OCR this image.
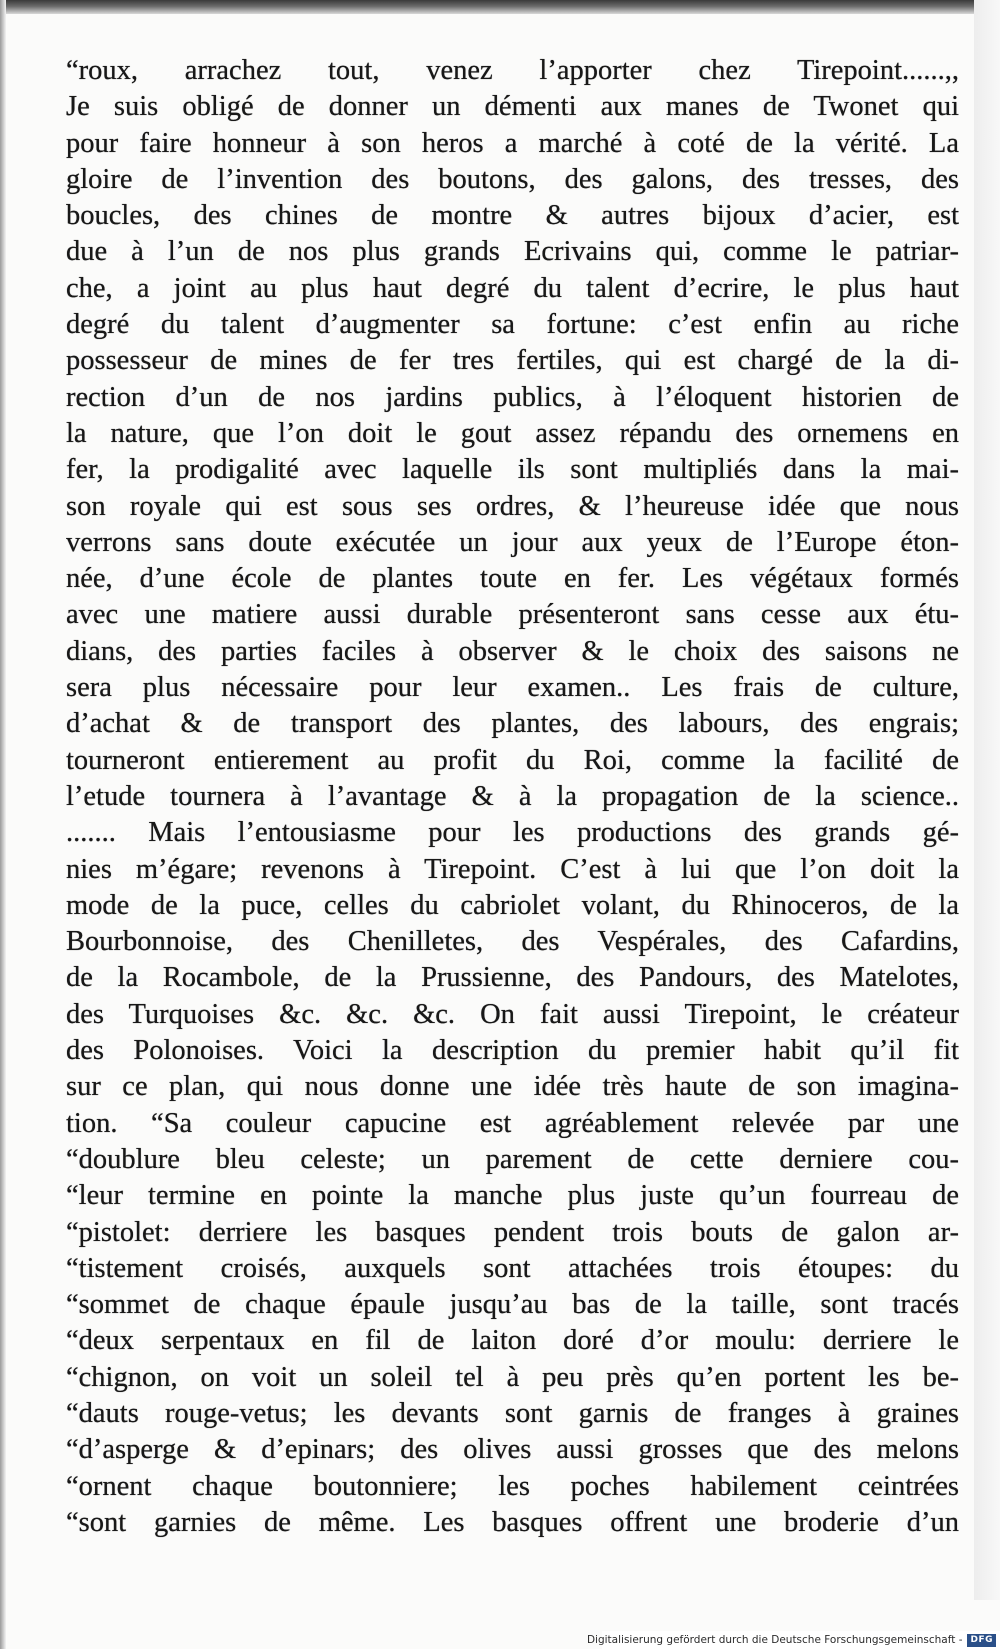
“roux, arrachez tout, venez l’apporter chez Tirepoint......,,
Je suis obligé de donner un démenti aux manes de Twonet qui
pour faire honneur à son heros a marché à coté de la vérité. La
gloire de l’invention des boutons, des galons, des tresses, des
boucles, des chines de montre & autres bijoux d’acier, est
due à l’un de nos plus grands Ecrivains qui, comme le patriar-
che, a joint au plus haut degré du talent d’ecrire, le plus haut
degré du talent d’augmenter sa fortune: c’est enfin au riche
possesseur de mines de fer tres fertiles, qui est chargé de la di-
rection d’un de nos jardins publics, à l’éloquent historien de
la nature, que l’on doit le gout assez répandu des ornemens en
fer, la prodigalité avec laquelle ils sont multipliés dans la mai-
son royale qui est sous ses ordres, & l’heureuse idée que nous
verrons sans doute exécutée un jour aux yeux de l’Europe éton-
née, d’une école de plantes toute en fer. Les végétaux formés
avec une matiere aussi durable présenteront sans cesse aux étu-
dians, des parties faciles à observer & le choix des saisons ne
sera plus nécessaire pour leur examen.. Les frais de culture,
d’achat & de transport des plantes, des labours, des engrais;
tourneront entierement au profit du Roi, comme la facilité de
l’etude tournera à l’avantage & à la propagation de la science..
....... Mais l’entousiasme pour les productions des grands gé-
nies m’égare; revenons à Tirepoint. C’est à lui que l’on doit la
mode de la puce, celles du cabriolet volant, du Rhinoceros, de la
Bourbonnoise, des Chenilletes, des Vespérales, des Cafardins,
de la Rocambole, de la Prussienne, des Pandours, des Matelotes,
des Turquoises &c. &c. &c. On fait aussi Tirepoint, le créateur
des Polonoises. Voici la description du premier habit qu’il fit
sur ce plan, qui nous donne une idée très haute de son imagina-
tion. “Sa couleur capucine est agréablement relevée par une
“doublure bleu celeste; un parement de cette derniere cou-
“leur termine en pointe la manche plus juste qu’un fourreau de
“pistolet: derriere les basques pendent trois bouts de galon ar-
“tistement croisés, auxquels sont attachées trois étoupes: du
“sommet de chaque épaule jusqu’au bas de la taille, sont tracés
“deux serpentaux en fil de laiton doré d’or moulu: derriere le
“chignon, on voit un soleil tel à peu près qu’en portent les be-
“dauts rouge-vetus; les devants sont garnis de franges à graines
“d’asperge & d’epinars; des olives aussi grosses que des melons
“ornent chaque boutonniere; les poches habilement ceintrées
“sont garnies de même. Les basques offrent une broderie d’un
Digitalisierung gefördert durch die Deutsche Forschungsgemeinschaft - DFG
